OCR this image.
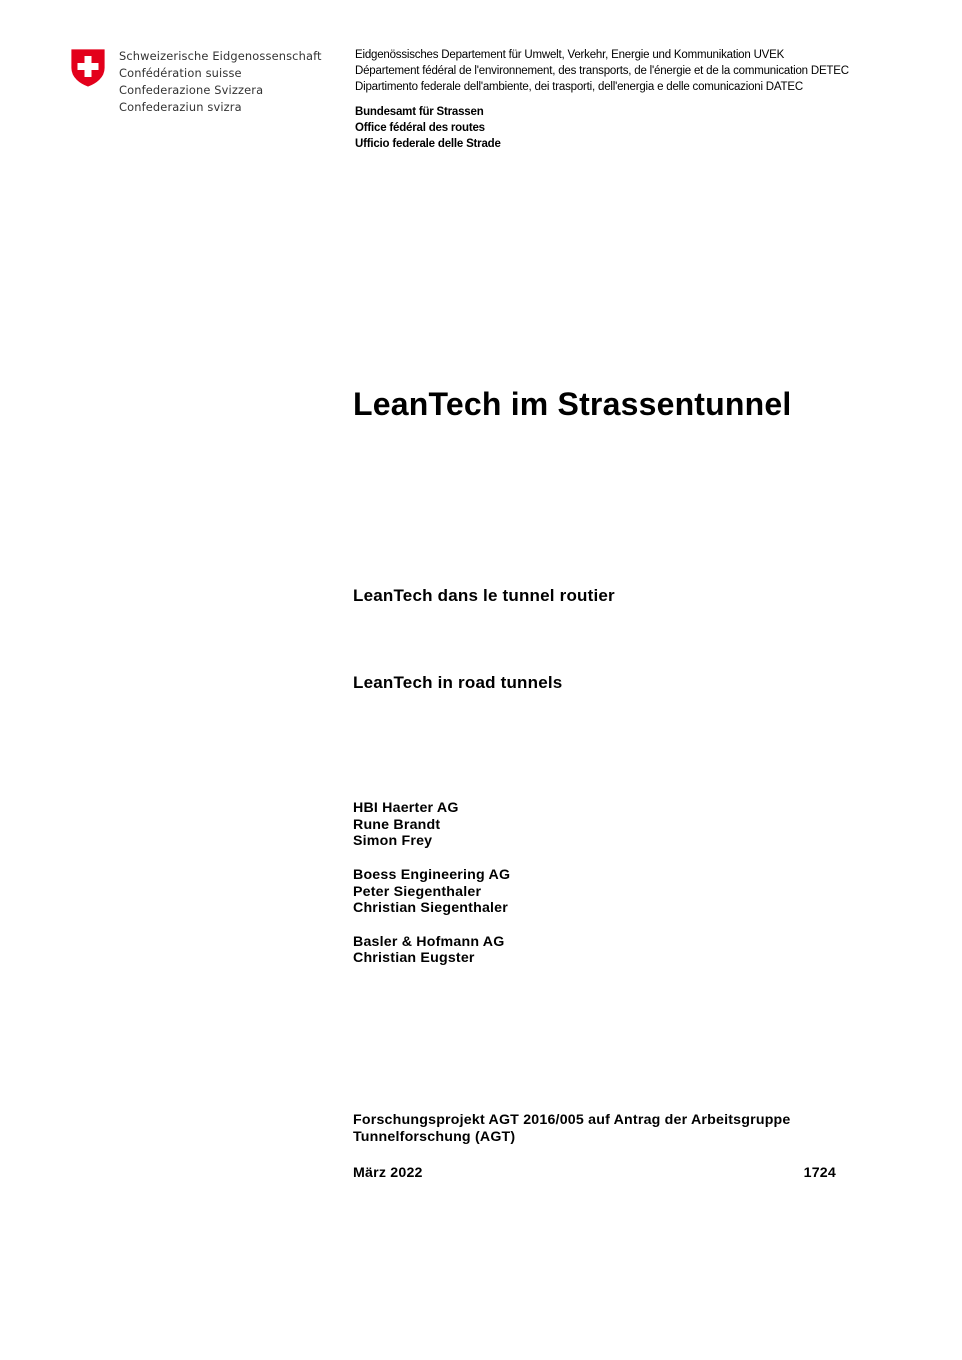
Schweizerische Eidgenossenschaft
Confédération suisse
Confederazione Svizzera
Confederaziun svizra
Eidgenössisches Departement für Umwelt, Verkehr, Energie und Kommunikation UVEK
Département fédéral de l'environnement, des transports, de l'énergie et de la communication DETEC
Dipartimento federale dell'ambiente, dei trasporti, dell'energia e delle comunicazioni DATEC
Bundesamt für Strassen
Office fédéral des routes
Ufficio federale delle Strade
LeanTech im Strassentunnel
LeanTech dans le tunnel routier
LeanTech in road tunnels
HBI Haerter AG
Rune Brandt
Simon Frey
Boess Engineering AG
Peter Siegenthaler
Christian Siegenthaler
Basler & Hofmann AG
Christian Eugster
Forschungsprojekt AGT 2016/005 auf Antrag der Arbeitsgruppe
Tunnelforschung (AGT)
März 2022	1724
